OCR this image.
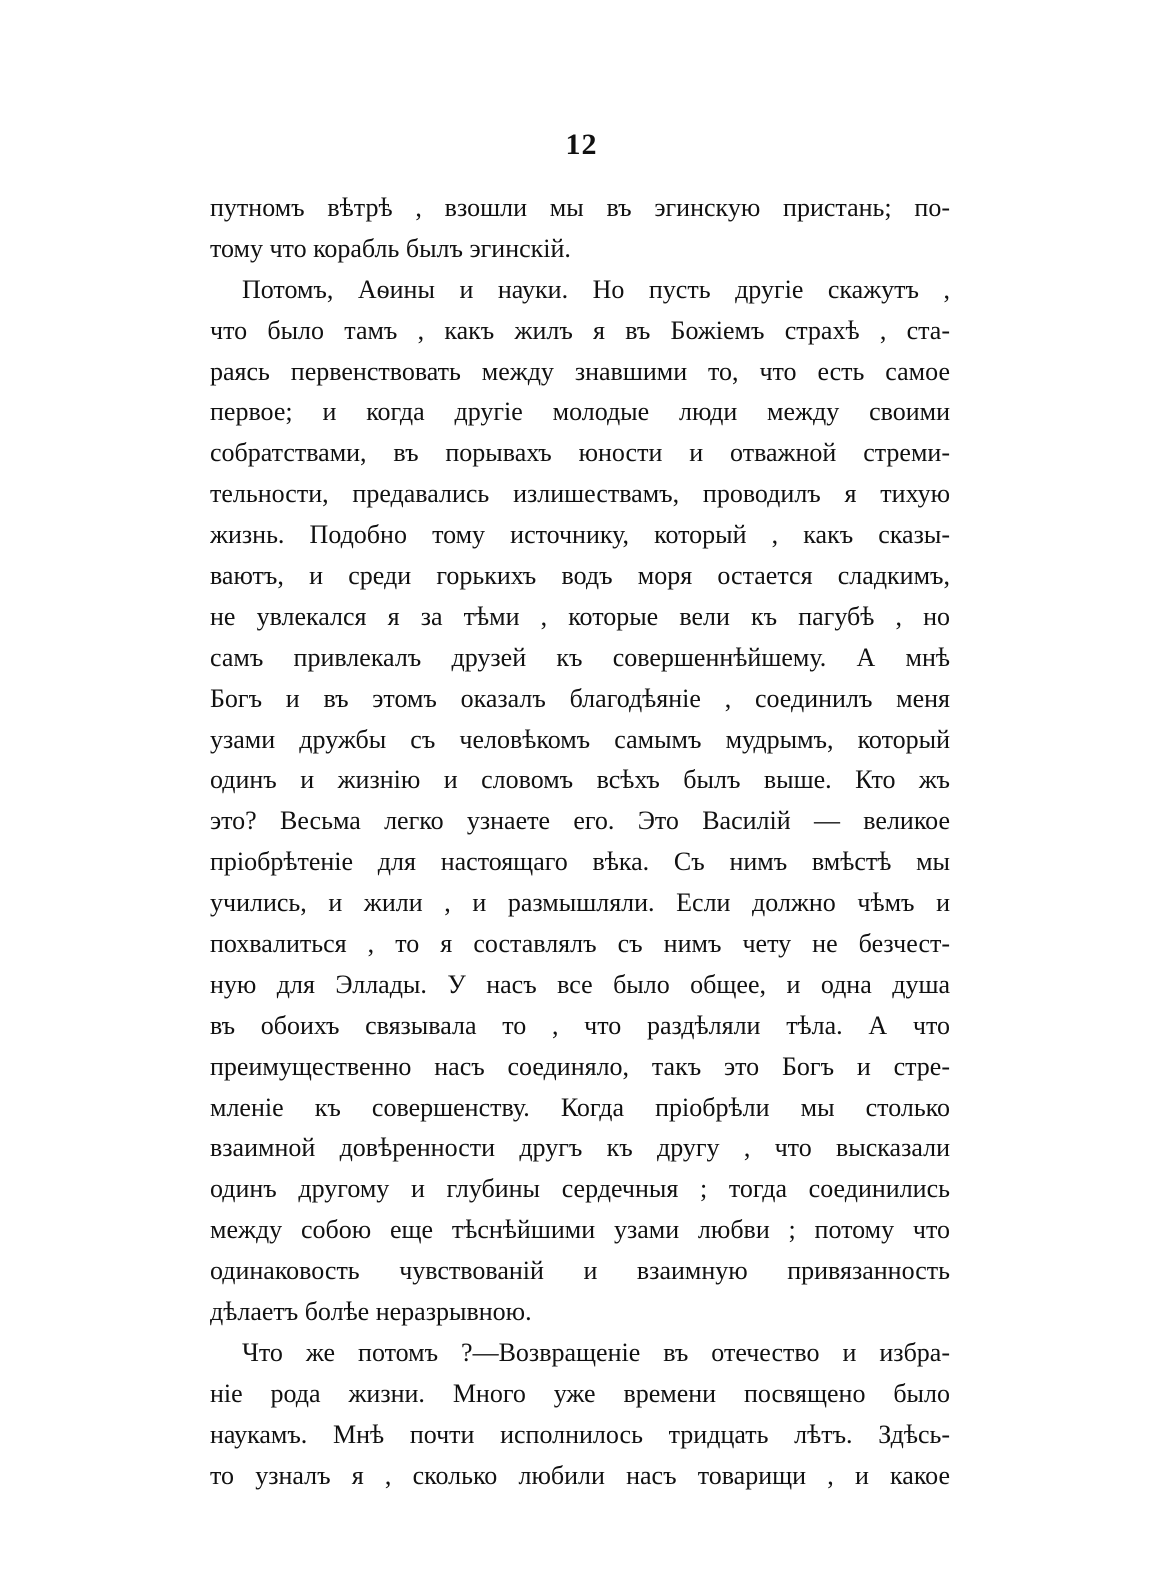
12
путномъ вѣтрѣ , взошли мы въ эгинскую пристань; по-
тому что корабль былъ эгинскій.
Потомъ, Аѳины и науки. Но пусть другіе скажутъ ,
что было тамъ , какъ жилъ я въ Божіемъ страхѣ , ста-
раясь первенствовать между знавшими то, что есть самое
первое; и когда другіе молодые люди между своими
собратствами, въ порывахъ юности и отважной стреми-
тельности, предавались излишествамъ, проводилъ я тихую
жизнь. Подобно тому источнику, который , какъ сказы-
ваютъ, и среди горькихъ водъ моря остается сладкимъ,
не увлекался я за тѣми , которые вели къ пагубѣ , но
самъ привлекалъ друзей къ совершеннѣйшему. А мнѣ
Богъ и въ этомъ оказалъ благодѣяніе , соединилъ меня
узами дружбы съ человѣкомъ самымъ мудрымъ, который
одинъ и жизнію и словомъ всѣхъ былъ выше. Кто жъ
это? Весьма легко узнаете его. Это Василій — великое
пріобрѣтеніе для настоящаго вѣка. Съ нимъ вмѣстѣ мы
учились, и жили , и размышляли. Если должно чѣмъ и
похвалиться , то я составлялъ съ нимъ чету не безчест-
ную для Эллады. У насъ все было общее, и одна душа
въ обоихъ связывала то , что раздѣляли тѣла. А что
преимущественно насъ соединяло, такъ это Богъ и стре-
мленіе къ совершенству. Когда пріобрѣли мы столько
взаимной довѣренности другъ къ другу , что высказали
одинъ другому и глубины сердечныя ; тогда соединились
между собою еще тѣснѣйшими узами любви ; потому что
одинаковость чувствованій и взаимную привязанность
дѣлаетъ болѣе неразрывною.
Что же потомъ ?—Возвращеніе въ отечество и избра-
ніе рода жизни. Много уже времени посвящено было
наукамъ. Мнѣ почти исполнилось тридцать лѣтъ. Здѣсь-
то узналъ я , сколько любили насъ товарищи , и какое
